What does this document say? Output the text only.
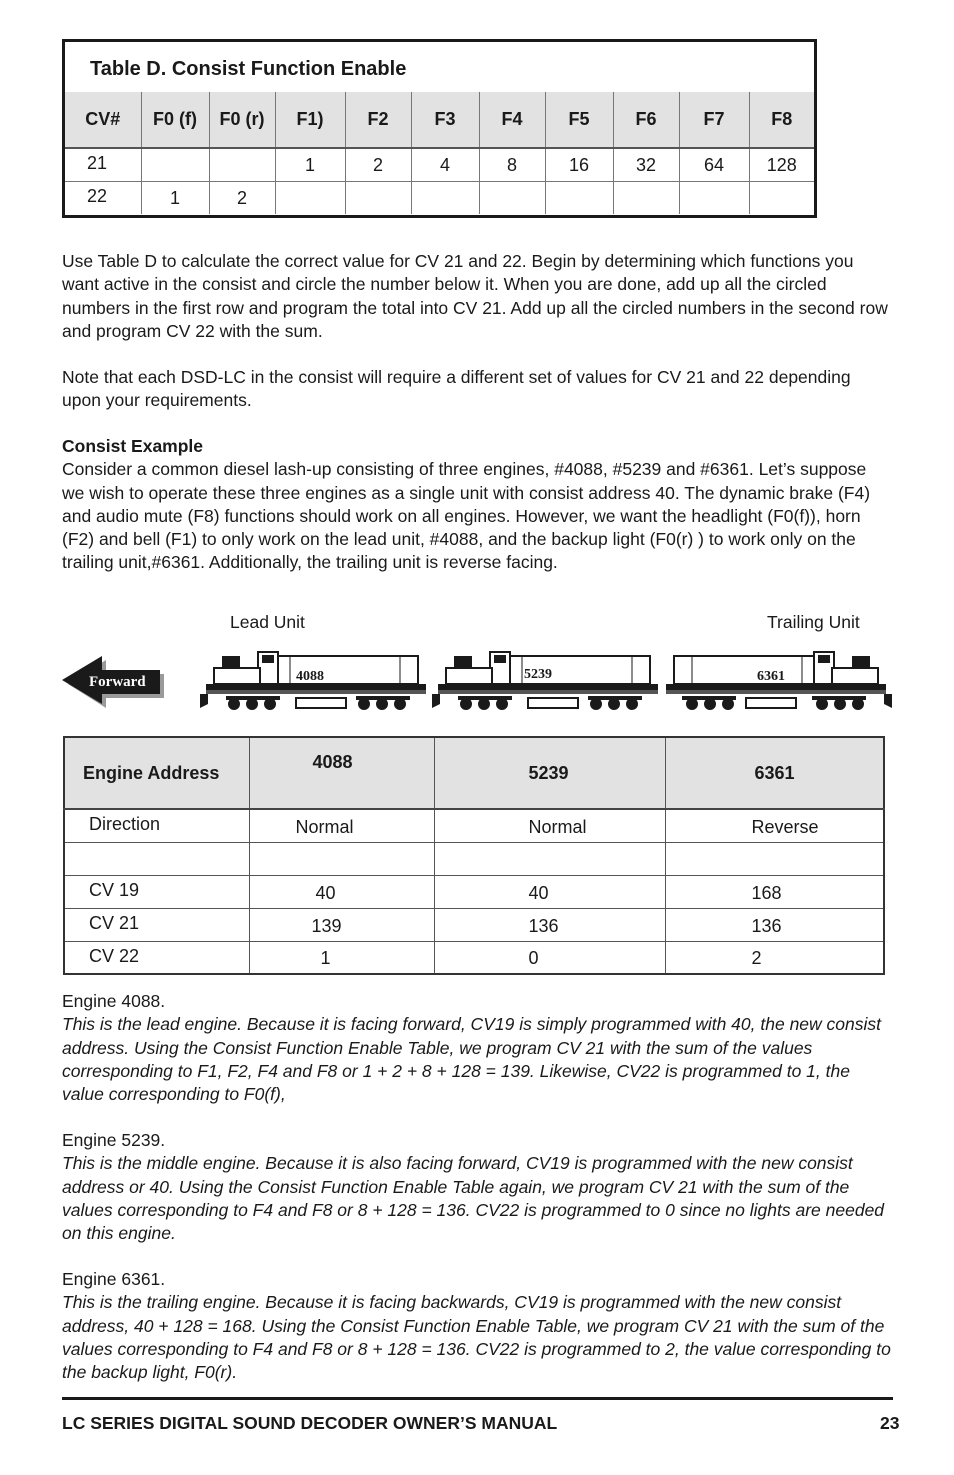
Table D. Consist Function Enable
CV#	F0 (f)	F0 (r)	F1)	F2	F3	F4	F5	F6	F7	F8
21			1	2	4	8	16	32	64	128
22	1	2								

Use Table D to calculate the correct value for CV 21 and 22. Begin by determining which functions you want active in the consist and circle the number below it. When you are done, add up all the circled numbers in the first row and program the total into CV 21. Add up all the circled numbers in the second row and program CV 22 with the sum.

Note that each DSD-LC in the consist will require a different set of values for CV 21 and 22 depending upon your requirements.

Consist Example
Consider a common diesel lash-up consisting of three engines, #4088, #5239 and #6361. Let’s suppose we wish to operate these three engines as a single unit with consist address 40. The dynamic brake (F4) and audio mute (F8) functions should work on all engines. However, we want the headlight (F0(f)), horn (F2) and bell (F1) to only work on the lead unit, #4088, and the backup light (F0(r) ) to work only on the trailing unit,#6361. Additionally, the trailing unit is reverse facing.
Lead Unit	Trailing Unit
Forward	4088	5239	6361
Engine Address	4088	5239	6361
Direction	Normal	Normal	Reverse

CV 19	40	40	168
CV 21	139	136	136
CV 22	1	0	2
Engine 4088.
This is the lead engine. Because it is facing forward, CV19 is simply programmed with 40, the new consist address. Using the Consist Function Enable Table, we program CV 21 with the sum of the values corresponding to F1, F2, F4 and F8 or 1 + 2 + 8 + 128 = 139. Likewise, CV22 is programmed to 1, the value corresponding to F0(f),
Engine 5239.
This is the middle engine. Because it is also facing forward, CV19 is programmed with the new consist address or 40. Using the Consist Function Enable Table again, we program CV 21 with the sum of the values corresponding to F4 and F8 or 8 + 128 = 136. CV22 is programmed to 0 since no lights are needed on this engine.
Engine 6361.
This is the trailing engine. Because it is facing backwards, CV19 is programmed with the new consist address, 40 + 128 = 168. Using the Consist Function Enable Table, we program CV 21 with the sum of the values corresponding to F4 and F8 or 8 + 128 = 136. CV22 is programmed to 2, the value corresponding to the backup light, F0(r).
LC SERIES DIGITAL SOUND DECODER OWNER’S MANUAL	23
